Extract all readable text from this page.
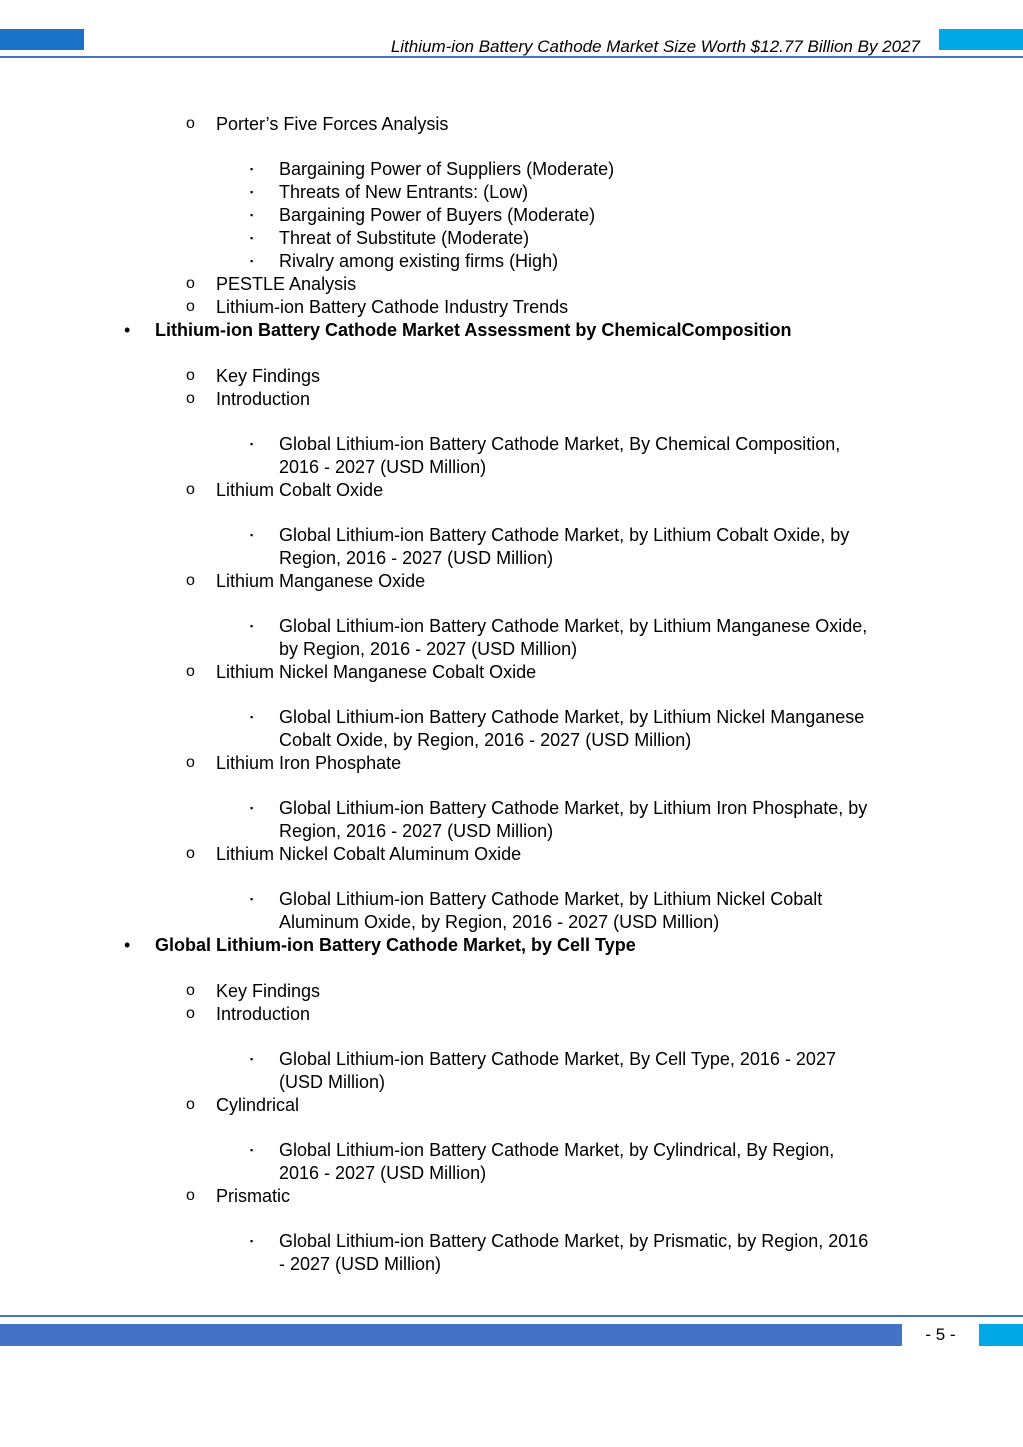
Lithium-ion Battery Cathode Market Size Worth $12.77 Billion By 2027
o Porter’s Five Forces Analysis
▪ Bargaining Power of Suppliers (Moderate)
▪ Threats of New Entrants: (Low)
▪ Bargaining Power of Buyers (Moderate)
▪ Threat of Substitute (Moderate)
▪ Rivalry among existing firms (High)
o PESTLE Analysis
o Lithium-ion Battery Cathode Industry Trends
• Lithium-ion Battery Cathode Market Assessment by ChemicalComposition
o Key Findings
o Introduction
▪ Global Lithium-ion Battery Cathode Market, By Chemical Composition,
2016 - 2027 (USD Million)
o Lithium Cobalt Oxide
▪ Global Lithium-ion Battery Cathode Market, by Lithium Cobalt Oxide, by
Region, 2016 - 2027 (USD Million)
o Lithium Manganese Oxide
▪ Global Lithium-ion Battery Cathode Market, by Lithium Manganese Oxide,
by Region, 2016 - 2027 (USD Million)
o Lithium Nickel Manganese Cobalt Oxide
▪ Global Lithium-ion Battery Cathode Market, by Lithium Nickel Manganese
Cobalt Oxide, by Region, 2016 - 2027 (USD Million)
o Lithium Iron Phosphate
▪ Global Lithium-ion Battery Cathode Market, by Lithium Iron Phosphate, by
Region, 2016 - 2027 (USD Million)
o Lithium Nickel Cobalt Aluminum Oxide
▪ Global Lithium-ion Battery Cathode Market, by Lithium Nickel Cobalt
Aluminum Oxide, by Region, 2016 - 2027 (USD Million)
• Global Lithium-ion Battery Cathode Market, by Cell Type
o Key Findings
o Introduction
▪ Global Lithium-ion Battery Cathode Market, By Cell Type, 2016 - 2027
(USD Million)
o Cylindrical
▪ Global Lithium-ion Battery Cathode Market, by Cylindrical, By Region,
2016 - 2027 (USD Million)
o Prismatic
▪ Global Lithium-ion Battery Cathode Market, by Prismatic, by Region, 2016
- 2027 (USD Million)
- 5 -
